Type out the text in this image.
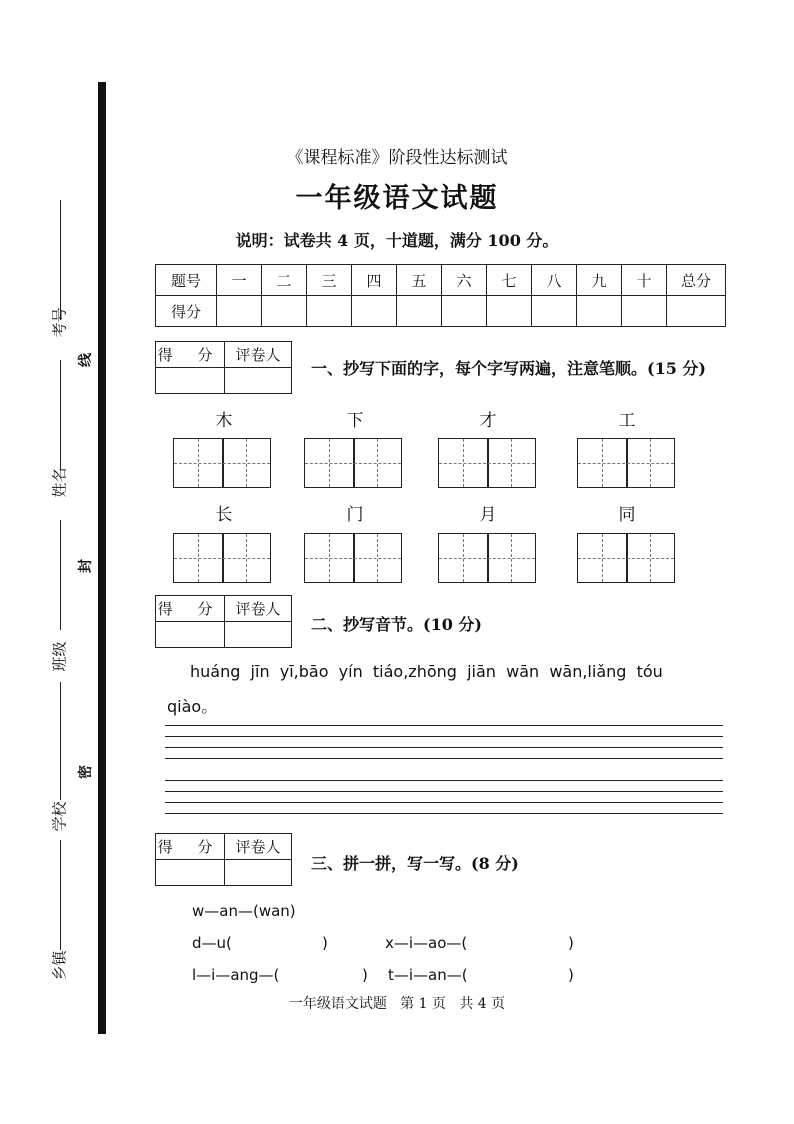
考号
姓名
班级
学校
乡镇
线
封
密
《课程标准》阶段性达标测试
一年级语文试题
说明：试卷共 4 页，十道题，满分 100 分。
题号	一	二	三	四	五	六	七	八	九	十	总分
得分											
得 分	评卷人

一、抄写下面的字，每个字写两遍，注意笔顺。(15 分)
木	下	才	工
长	门	月	同
得 分	评卷人

二、抄写音节。(10 分)
huáng  jīn  yī,bāo  yín  tiáo,zhōng  jiān  wān  wān,liǎng  tóu
qiào。
得 分	评卷人

三、拼一拼，写一写。(8 分)
w—an—(wan)
d—u(	)	x—i—ao—(	)
l—i—ang—(	) t—i—an—(	)
一年级语文试题   第 1 页   共 4 页
